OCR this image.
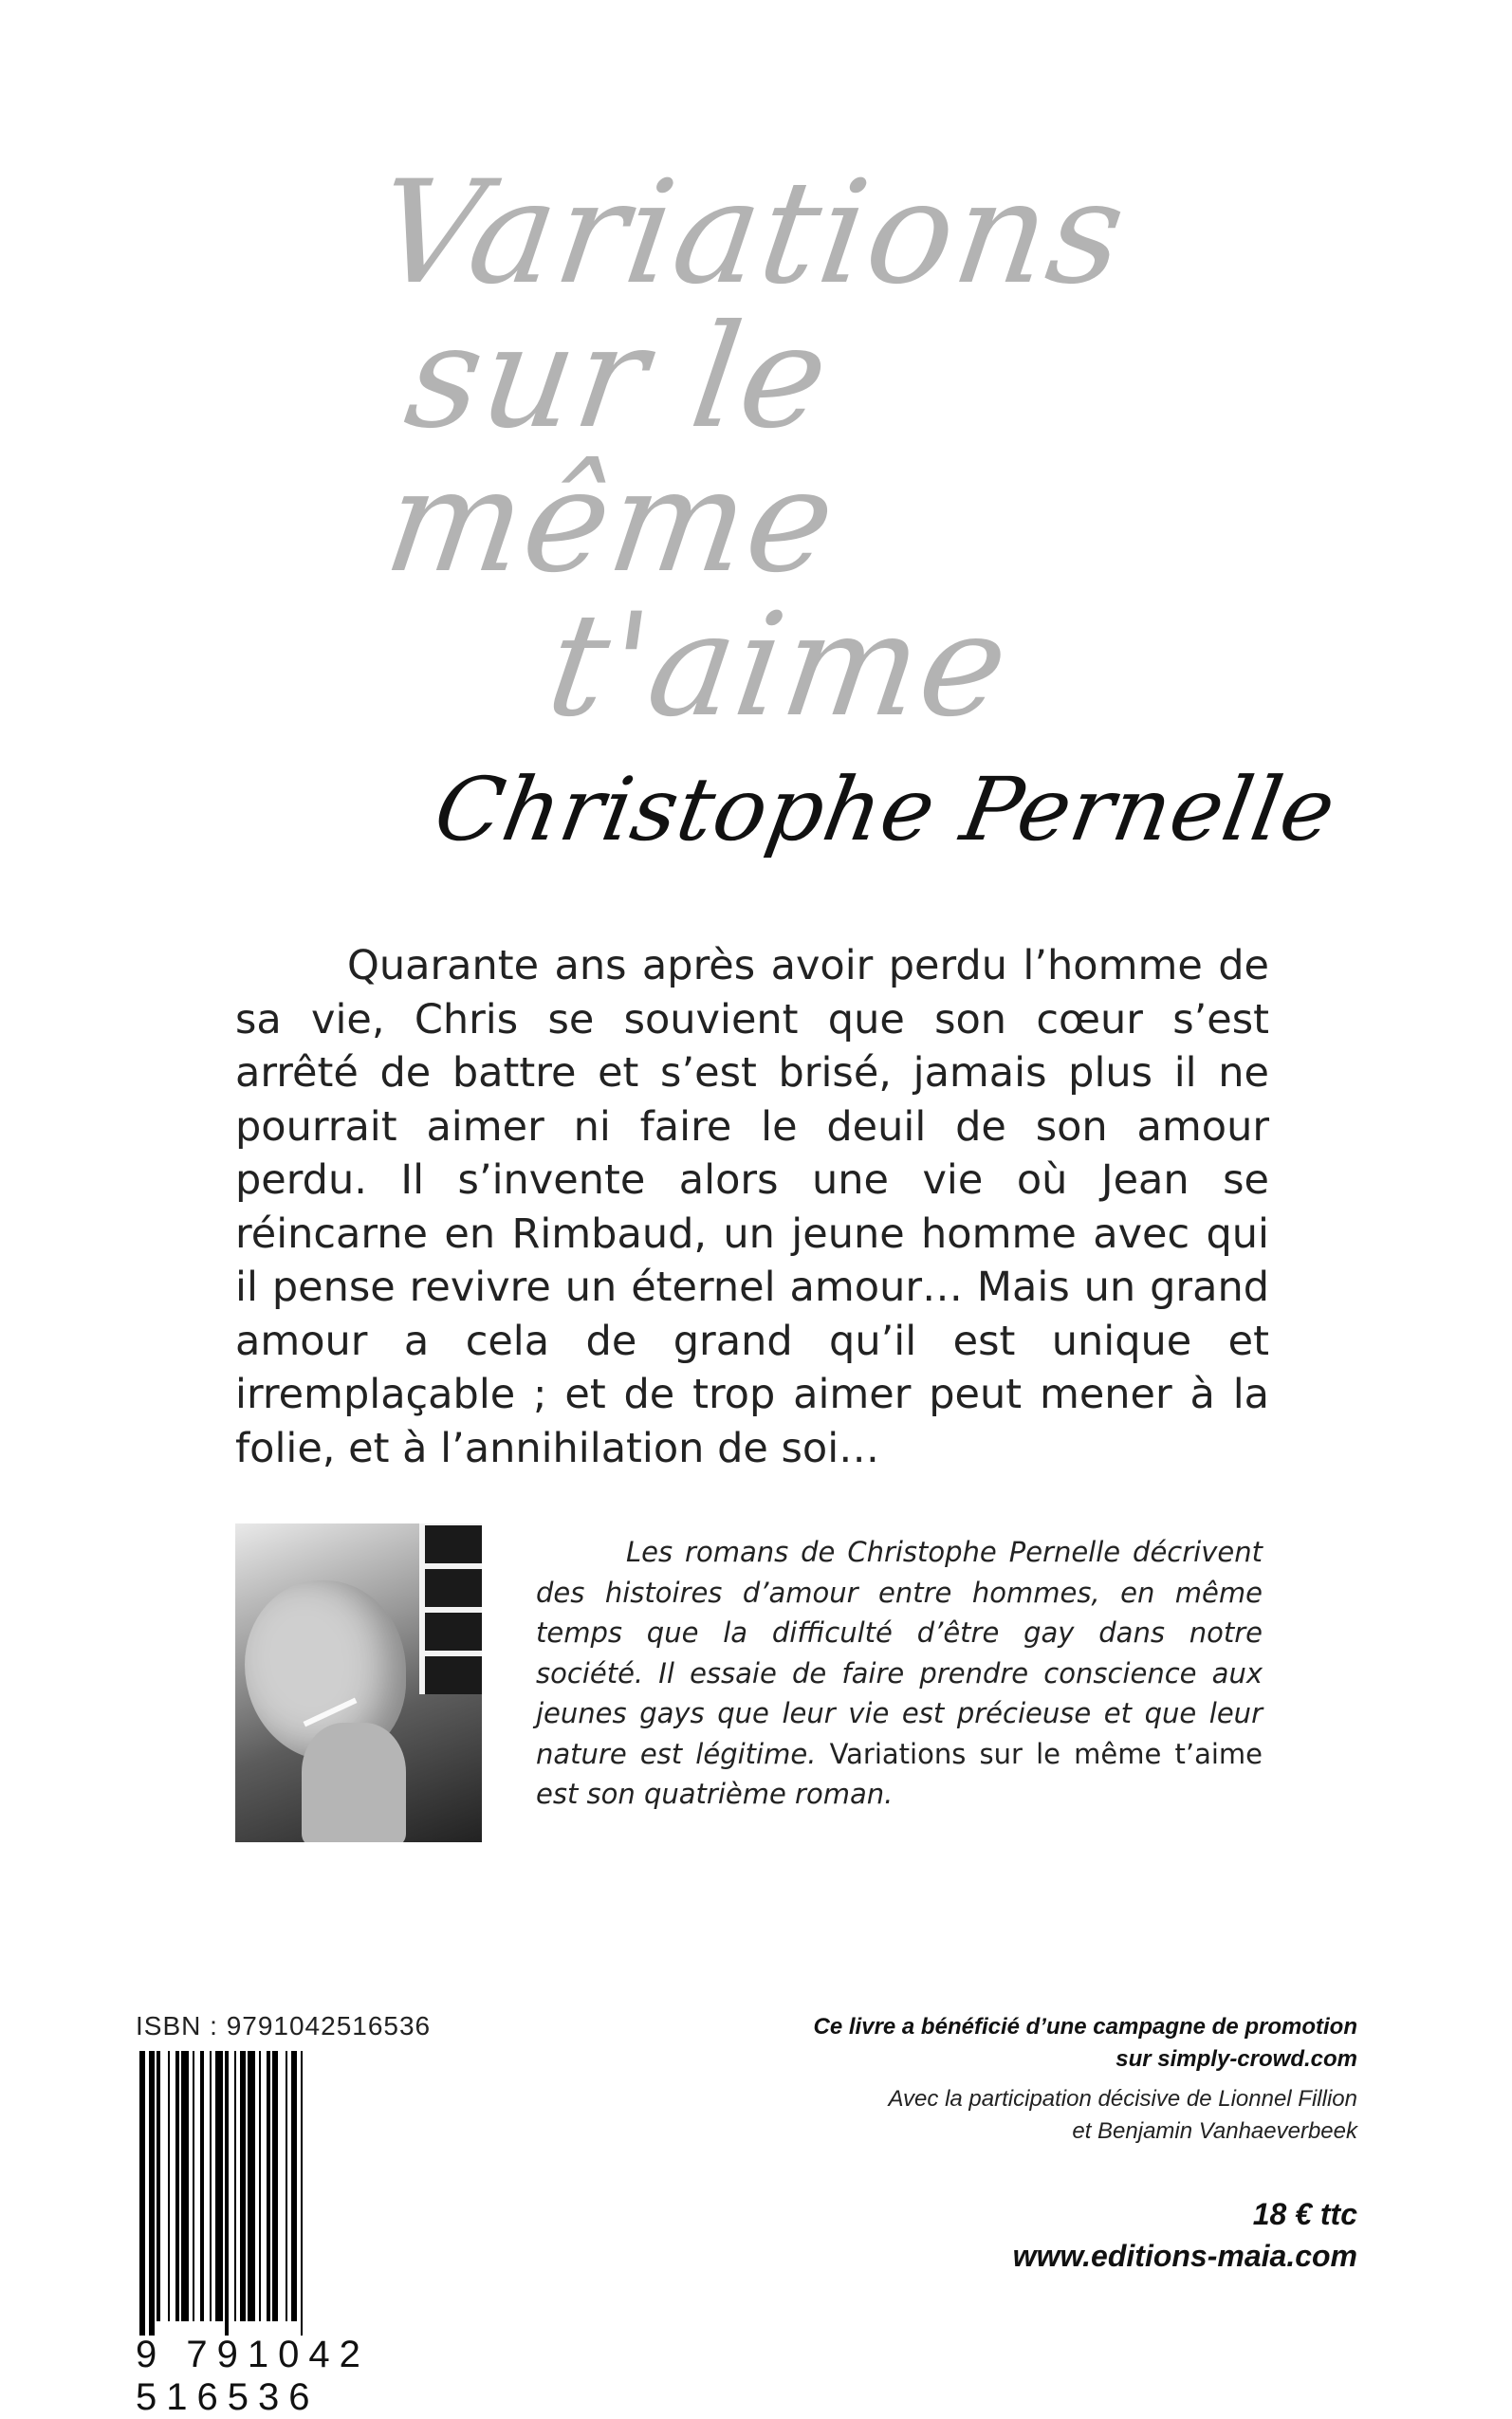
Variations
sur le même
t'aime
Christophe Pernelle

Quarante ans après avoir perdu l’homme de sa vie, Chris se souvient que son cœur s’est arrêté de battre et s’est brisé, jamais plus il ne pourrait aimer ni faire le deuil de son amour perdu. Il s’invente alors une vie où Jean se réincarne en Rimbaud, un jeune homme avec qui il pense revivre un éternel amour… Mais un grand amour a cela de grand qu’il est unique et irremplaçable ; et de trop aimer peut mener à la folie, et à l’annihilation de soi…

Les romans de Christophe Pernelle décrivent des histoires d’amour entre hommes, en même temps que la difficulté d’être gay dans notre société. Il essaie de faire prendre conscience aux jeunes gays que leur vie est précieuse et que leur nature est légitime. Variations sur le même t’aime est son quatrième roman.

ISBN : 9791042516536
9 791042 516536
Ce livre a bénéficié d’une campagne de promotion
sur simply-crowd.com
Avec la participation décisive de Lionnel Fillion
et Benjamin Vanhaeverbeek
18 € ttc
www.editions-maia.com
